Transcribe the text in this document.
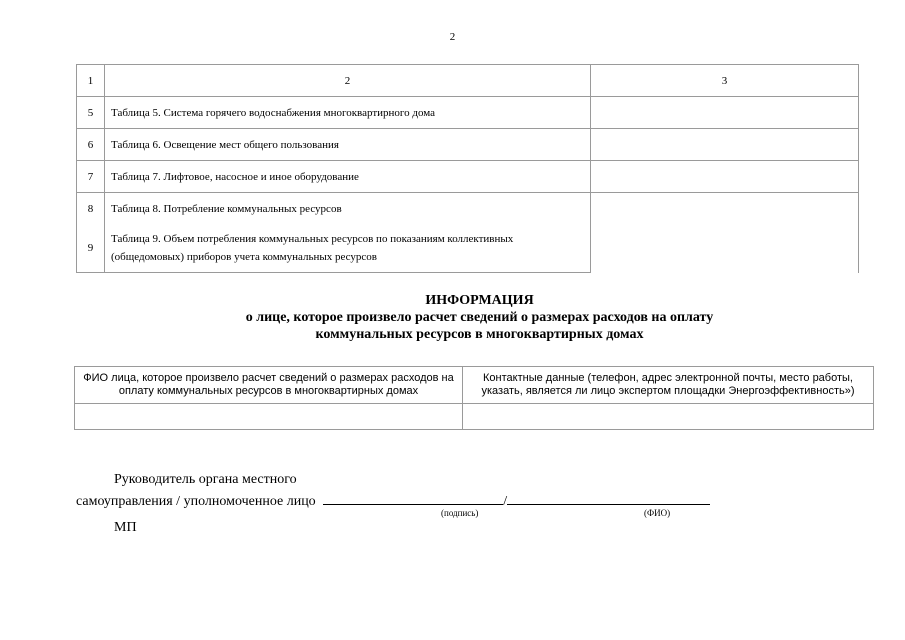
2
1	2	3
5	Таблица 5. Система горячего водоснабжения многоквартирного дома	
6	Таблица 6. Освещение мест общего пользования	
7	Таблица 7. Лифтовое, насосное и иное оборудование	
8	Таблица 8. Потребление коммунальных ресурсов	
9	Таблица 9. Объем потребления коммунальных ресурсов по показаниям коллективных (общедомовых) приборов учета коммунальных ресурсов	
ИНФОРМАЦИЯ
о лице, которое произвело расчет сведений о размерах расходов на оплату
коммунальных ресурсов в многоквартирных домах
ФИО лица, которое произвело расчет сведений о размерах расходов на оплату коммунальных ресурсов в многоквартирных домах	Контактные данные (телефон, адрес электронной почты, место работы, указать, является ли лицо экспертом площадки Энергоэффективность»)

Руководитель органа местного
самоуправления / уполномоченное лицо	/
(подпись)	(ФИО)
МП
